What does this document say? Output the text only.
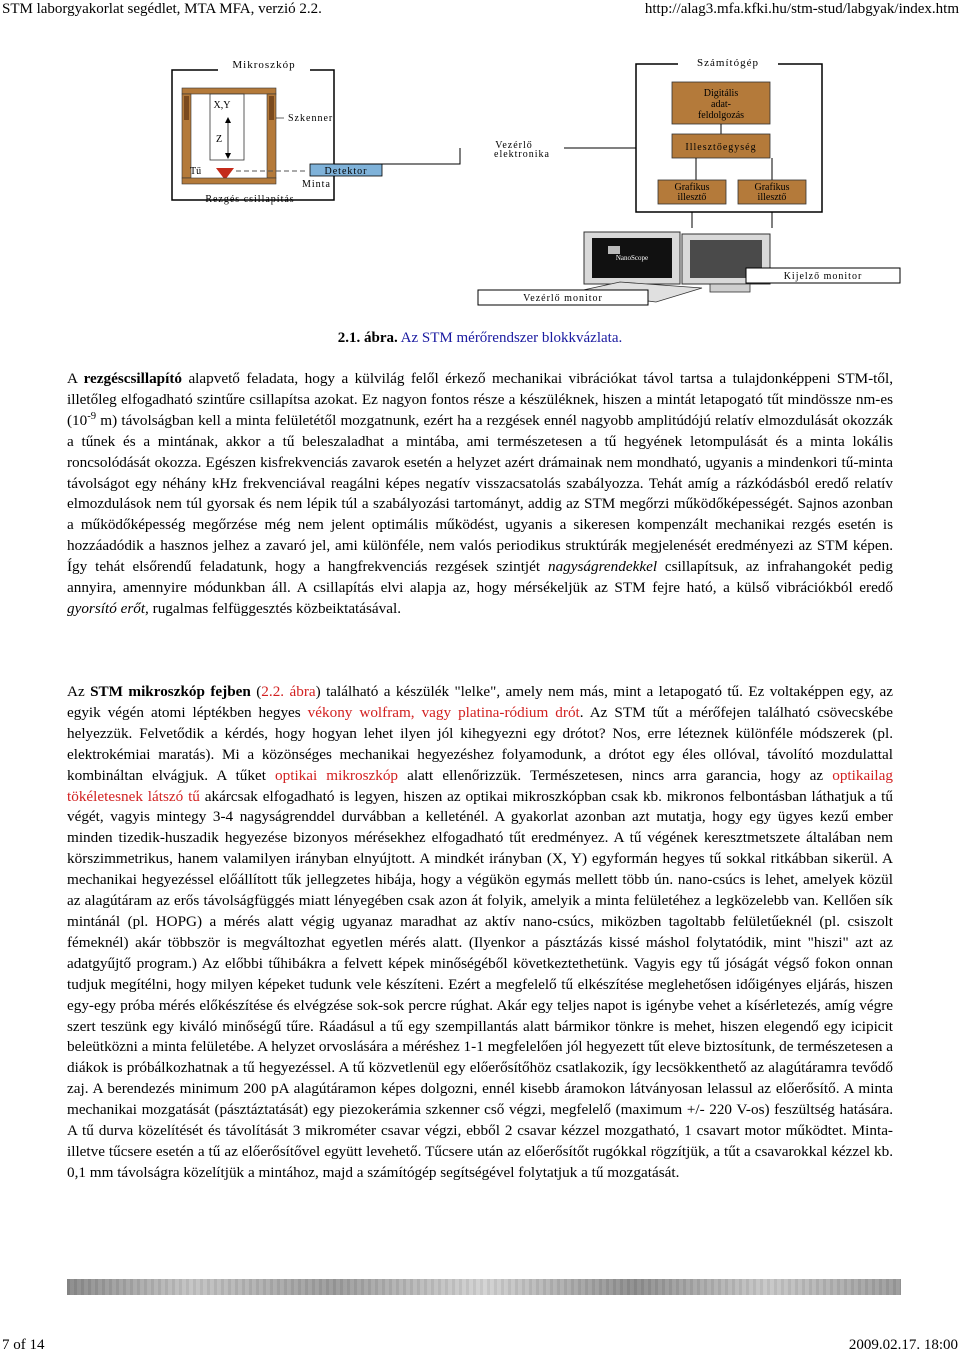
STM laborgyakorlat segédlet, MTA MFA, verzió 2.2.	http://alag3.mfa.kfki.hu/stm-stud/labgyak/index.htm
Mikroszkóp
X,Y
Z
Szkenner
Tű	Detektor
Minta
Rezgés csillapítás
Vezérlő
elektronika
Számítógép
Digitális
adat-
feldolgozás
Illesztőegység
Grafikus
illesztő
Grafikus
illesztő
NanoScope
Kijelző monitor
Vezérlő monitor
2.1. ábra. Az STM mérőrendszer blokkvázlata.
A rezgéscsillapító alapvető feladata, hogy a külvilág felől érkező mechanikai vibrációkat távol tartsa a tulajdonképpeni STM-től, illetőleg elfogadható szintűre csillapítsa azokat. Ez nagyon fontos része a készüléknek, hiszen a mintát letapogató tűt mindössze nm-es ($10^{-9}$ m) távolságban kell a minta felületétől mozgatnunk, ezért ha a rezgések ennél nagyobb amplitúdójú relatív elmozdulását okozzák a tűnek és a mintának, akkor a tű beleszaladhat a mintába, ami természetesen a tű hegyének letompulását és a minta lokális roncsolódását okozza. Egészen kisfrekvenciás zavarok esetén a helyzet azért drámainak nem mondható, ugyanis a mindenkori tű-minta távolságot egy néhány kHz frekvenciával reagálni képes negatív visszacsatolás szabályozza. Tehát amíg a rázkódásból eredő relatív elmozdulások nem túl gyorsak és nem lépik túl a szabályozási tartományt, addig az STM megőrzi működőképességét. Sajnos azonban a működőképesség megőrzése még nem jelent optimális működést, ugyanis a sikeresen kompenzált mechanikai rezgés esetén is hozzáadódik a hasznos jelhez a zavaró jel, ami különféle, nem valós periodikus struktúrák megjelenését eredményezi az STM képen. Így tehát elsőrendű feladatunk, hogy a hangfrekvenciás rezgések szintjét nagyságrendekkel csillapítsuk, az infrahangokét pedig annyira, amennyire módunkban áll. A csillapítás elvi alapja az, hogy mérsékeljük az STM fejre ható, a külső vibrációkból eredő gyorsító erőt, rugalmas felfüggesztés közbeiktatásával.
Az STM mikroszkóp fejben (2.2. ábra) található a készülék "lelke", amely nem más, mint a letapogató tű. Ez voltaképpen egy, az egyik végén atomi léptékben hegyes vékony wolfram, vagy platina-ródium drót. Az STM tűt a mérőfejen található csövecskébe helyezzük. Felvetődik a kérdés, hogy hogyan lehet ilyen jól kihegyezni egy drótot? Nos, erre léteznek különféle módszerek (pl. elektrokémiai maratás). Mi a közönséges mechanikai hegyezéshez folyamodunk, a drótot egy éles ollóval, távolító mozdulattal kombináltan elvágjuk. A tűket optikai mikroszkóp alatt ellenőrizzük. Természetesen, nincs arra garancia, hogy az optikailag tökéletesnek látszó tű akárcsak elfogadható is legyen, hiszen az optikai mikroszkópban csak kb. mikronos felbontásban láthatjuk a tű végét, vagyis mintegy 3-4 nagyságrenddel durvábban a kelleténél. A gyakorlat azonban azt mutatja, hogy egy ügyes kezű ember minden tizedik-huszadik hegyezése bizonyos mérésekhez elfogadható tűt eredményez. A tű végének keresztmetszete általában nem körszimmetrikus, hanem valamilyen irányban elnyújtott. A mindkét irányban (X, Y) egyformán hegyes tű sokkal ritkábban sikerül. A mechanikai hegyezéssel előállított tűk jellegzetes hibája, hogy a végükön egymás mellett több ún. nano-csúcs is lehet, amelyek közül az alagútáram az erős távolságfüggés miatt lényegében csak azon át folyik, amelyik a minta felületéhez a legközelebb van. Kellően sík mintánál (pl. HOPG) a mérés alatt végig ugyanaz maradhat az aktív nano-csúcs, miközben tagoltabb felületűeknél (pl. csiszolt fémeknél) akár többször is megváltozhat egyetlen mérés alatt. (Ilyenkor a pásztázás kissé máshol folytatódik, mint "hiszi" azt az adatgyűjtő program.) Az előbbi tűhibákra a felvett képek minőségéből következtethetünk. Vagyis egy tű jóságát végső fokon onnan tudjuk megítélni, hogy milyen képeket tudunk vele készíteni. Ezért a megfelelő tű elkészítése meglehetősen időigényes eljárás, hiszen egy-egy próba mérés előkészítése és elvégzése sok-sok percre rúghat. Akár egy teljes napot is igénybe vehet a kísérletezés, amíg végre szert teszünk egy kiváló minőségű tűre. Ráadásul a tű egy szempillantás alatt bármikor tönkre is mehet, hiszen elegendő egy icipicit beleütközni a minta felületébe. A helyzet orvoslására a méréshez 1-1 megfelelően jól hegyezett tűt eleve biztosítunk, de természetesen a diákok is próbálkozhatnak a tű hegyezéssel. A tű közvetlenül egy előerősítőhöz csatlakozik, így lecsökkenthető az alagútáramra tevődő zaj. A berendezés minimum 200 pA alagútáramon képes dolgozni, ennél kisebb áramokon látványosan lelassul az előerősítő. A minta mechanikai mozgatását (pásztáztatását) egy piezokerámia szkenner cső végzi, megfelelő (maximum +/- 220 V-os) feszültség hatására. A tű durva közelítését és távolítását 3 mikrométer csavar végzi, ebből 2 csavar kézzel mozgatható, 1 csavart motor működtet. Minta- illetve tűcsere esetén a tű az előerősítővel együtt levehető. Tűcsere után az előerősítőt rugókkal rögzítjük, a tűt a csavarokkal kézzel kb. 0,1 mm távolságra közelítjük a mintához, majd a számítógép segítségével folytatjuk a tű mozgatását.
7 of 14	2009.02.17. 18:00
